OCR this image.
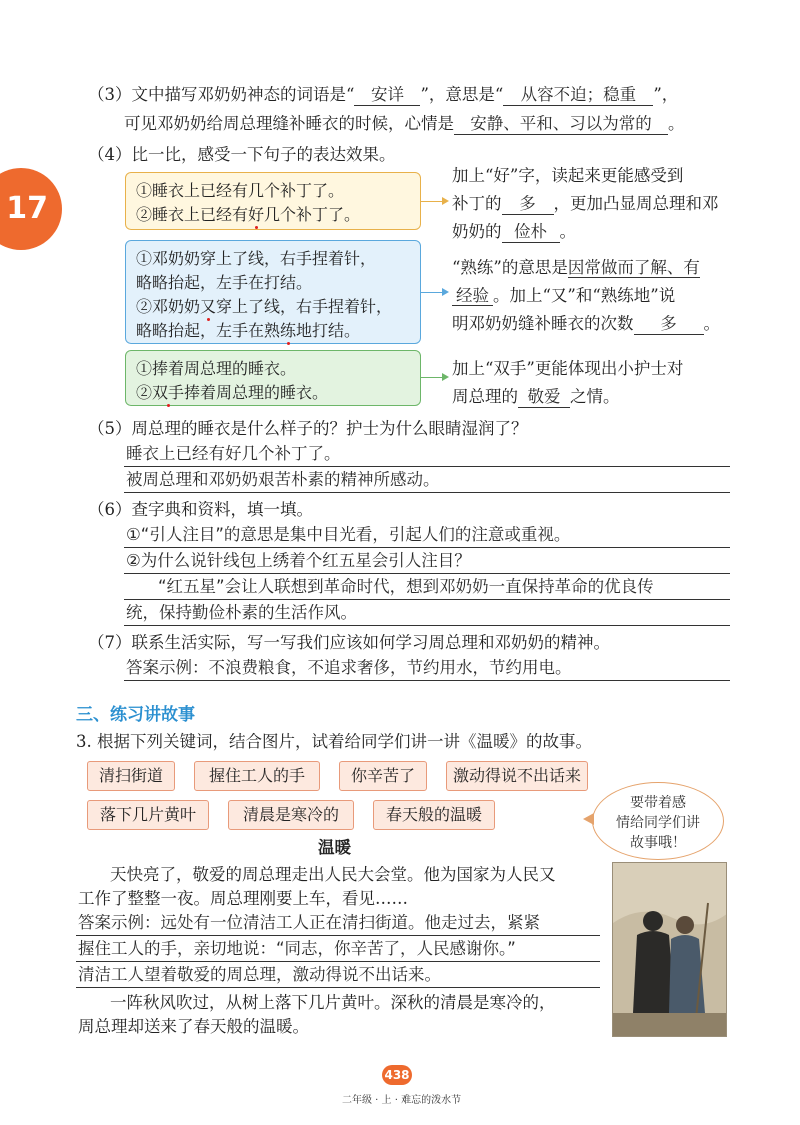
17
（3）文中描写邓奶奶神态的词语是“ 安详 ”，意思是“ 从容不迫；稳重 ”，
可见邓奶奶给周总理缝补睡衣的时候，心情是 安静、平和、习以为常的 。
（4）比一比，感受一下句子的表达效果。
①睡衣上已经有几个补丁了。
②睡衣上已经有好几个补丁了。
加上“好”字，读起来更能感受到
补丁的 多 ，更加凸显周总理和邓
奶奶的 俭朴 。
①邓奶奶穿上了线，右手捏着针，
略略抬起，左手在打结。
②邓奶奶又穿上了线，右手捏着针，
略略抬起，左手在熟练地打结。
“熟练”的意思是因常做而了解、有
经验 。加上“又”和“熟练地”说
明邓奶奶缝补睡衣的次数 多 。
①捧着周总理的睡衣。
②双手捧着周总理的睡衣。
加上“双手”更能体现出小护士对
周总理的 敬爱 之情。
（5）周总理的睡衣是什么样子的？护士为什么眼睛湿润了？
睡衣上已经有好几个补丁了。
被周总理和邓奶奶艰苦朴素的精神所感动。
（6）查字典和资料，填一填。
①“引人注目”的意思是集中目光看，引起人们的注意或重视。
②为什么说针线包上绣着个红五星会引人注目？
“红五星”会让人联想到革命时代，想到邓奶奶一直保持革命的优良传
统，保持勤俭朴素的生活作风。
（7）联系生活实际，写一写我们应该如何学习周总理和邓奶奶的精神。
答案示例：不浪费粮食，不追求奢侈，节约用水，节约用电。
三、练习讲故事
3. 根据下列关键词，结合图片，试着给同学们讲一讲《温暖》的故事。
清扫街道	握住工人的手	你辛苦了	激动得说不出话来
落下几片黄叶	清晨是寒冷的	春天般的温暖
要带着感
情给同学们讲
故事哦！
温暖
天快亮了，敬爱的周总理走出人民大会堂。他为国家为人民又
工作了整整一夜。周总理刚要上车，看见……
答案示例：远处有一位清洁工人正在清扫街道。他走过去，紧紧
握住工人的手，亲切地说：“同志，你辛苦了，人民感谢你。”
清洁工人望着敬爱的周总理，激动得说不出话来。
一阵秋风吹过，从树上落下几片黄叶。深秋的清晨是寒冷的，
周总理却送来了春天般的温暖。
438
二年级 · 上 · 难忘的泼水节
